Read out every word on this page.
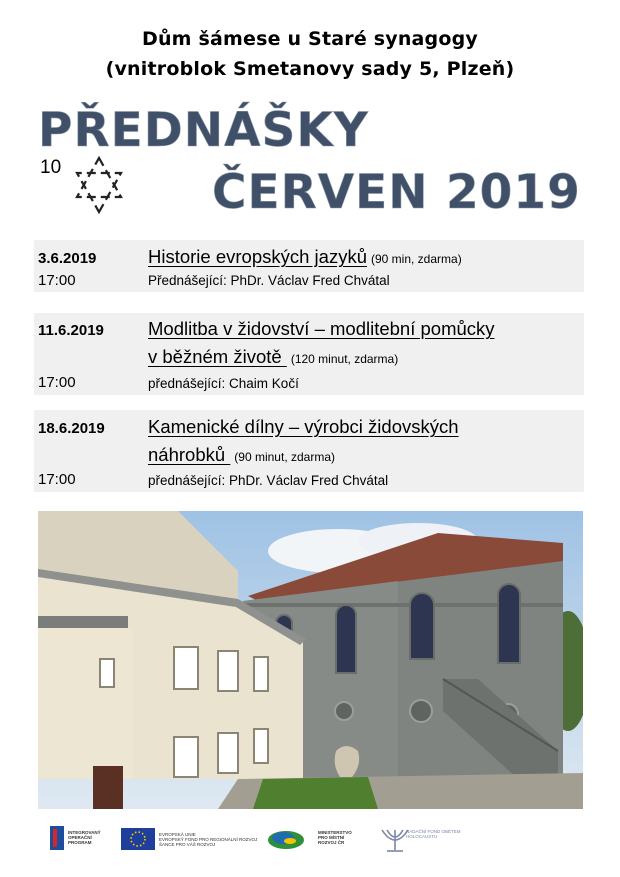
Dům šámese u Staré synagogy
(vnitroblok Smetanovy sady 5, Plzeň)
PŘEDNÁŠKY
ČERVEN 2019
10
3.6.2019	Historie evropských jazyků (90 min, zdarma)
17:00	Přednášející: PhDr. Václav Fred Chvátal
11.6.2019 Modlitba v židovství – modlitební pomůcky
v běžném životě (120 minut, zdarma)
17:00	přednášející: Chaim Kočí
18.6.2019 Kamenické dílny – výrobci židovských
náhrobků (90 minut, zdarma)
17:00	přednášející: PhDr. Václav Fred Chvátal
INTEGROVANÝ
OPERAČNÍ
PROGRAM
EVROPSKÁ UNIE
EVROPSKÝ FOND PRO REGIONÁLNÍ ROZVOJ
ŠANCE PRO VÁŠ ROZVOJ
MINISTERSTVO
PRO MÍSTNÍ
ROZVOJ ČR
NADAČNÍ FOND OBĚTEM
HOLOCAUSTU
